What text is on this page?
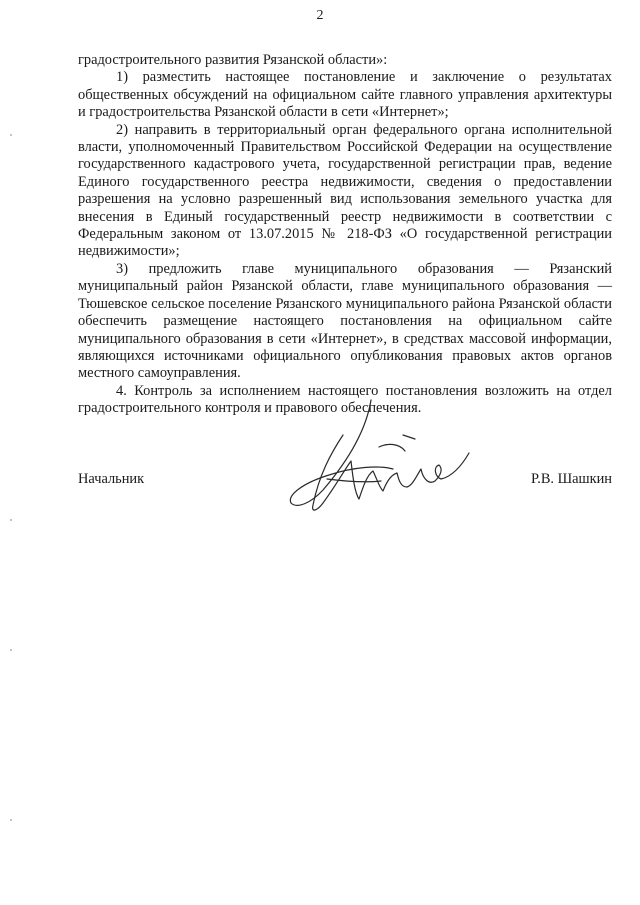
2

градостроительного развития Рязанской области»:

1) разместить настоящее постановление и заключение о результатах общественных обсуждений на официальном сайте главного управления архитектуры и градостроительства Рязанской области в сети «Интернет»;

2) направить в территориальный орган федерального органа исполнительной власти, уполномоченный Правительством Российской Федерации на осуществление государственного кадастрового учета, государственной регистрации прав, ведение Единого государственного реестра недвижимости, сведения о предоставлении разрешения на условно разрешенный вид использования земельного участка для внесения в Единый государственный реестр недвижимости в соответствии с Федеральным законом от 13.07.2015 № 218-ФЗ «О государственной регистрации недвижимости»;

3) предложить главе муниципального образования — Рязанский муниципальный район Рязанской области, главе муниципального образования — Тюшевское сельское поселение Рязанского муниципального района Рязанской области обеспечить размещение настоящего постановления на официальном сайте муниципального образования в сети «Интернет», в средствах массовой информации, являющихся источниками официального опубликования правовых актов органов местного самоуправления.

4. Контроль за исполнением настоящего постановления возложить на отдел градостроительного контроля и правового обеспечения.

Начальник	Р.В. Шашкин
